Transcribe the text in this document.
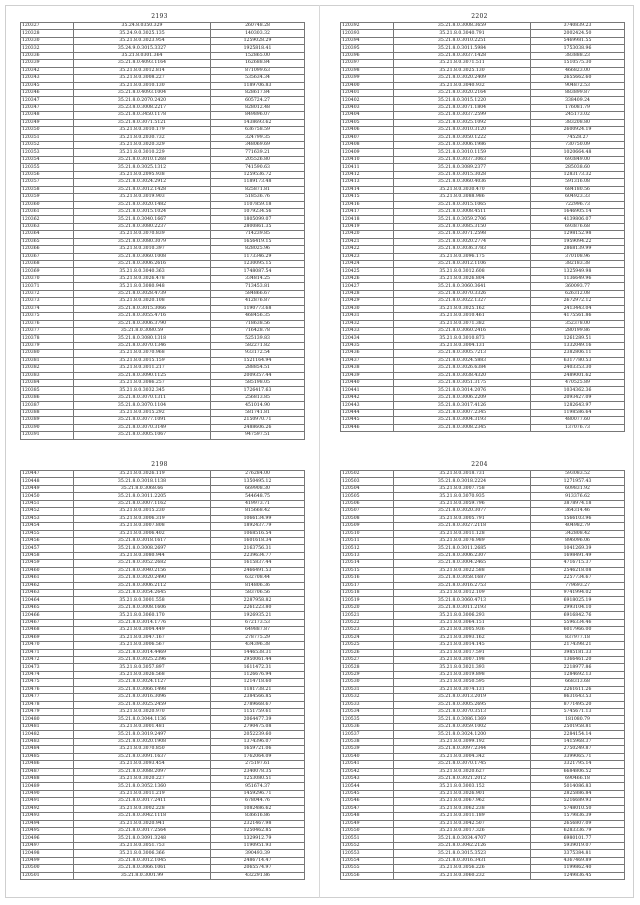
2193
120327	35.24.8.0350.329	260748.28
120328	35.24.9.0.3025.135	140303.32
120330	35.21.8.0.3023.954	1259028.29
120332	35.24.9.0.3015.3327	1925818.41
120336	35.21.8.0301.364	152865.00
120339	35.21.8.0.4093.1164	162688.84
120342	35.21.8.0.3012.814	871099.63
120343	35.21.8.0.3008.227	535634.34
120345	35.21.8.0.3010.130	1189706.83
120346	35.21.8.0.4093.1004	828617.84
120347	35.21.8.0.2070.2420	605724.27
120347	35.23.8.0.3008.2217	828012.48
120348	35.21.8.0.3450.1178	849896.07
120349	35.21.8.0.3071.5121	1438693.62
120350	35.21.8.0.3010.179	636758.59
120351	35.21.8.0.2030.732	324799.35
120352	35.21.8.0.3020.329	348069.69
120353	35.21.8.0.3010.229	771639.21
120354	35.21.8.0.3010.1268	205526.80
120355	35.21.8.0.3025.1312	741590.63
120356	35.21.8.0.2095.938	1259536.72
120357	35.21.8.0.3024.2912	1189173.48
120358	35.21.8.0.3012.1428	825871.81
120359	35.21.8.0.3019.903	518536.76
120360	35.21.8.0.3020.1482	1107859.18
120361	35.21.8.0.3015.1024	1079234.56
120362	35.21.8.0.3040.1667	1805099.07
120363	35.21.8.0.3080.2237	2800861.35
120364	35.21.8.0.3070.839	714239.85
120365	35.21.8.0.3080.3079	1656419.15
120366	35.21.8.0.3010.397	828025.96
120367	35.21.8.0.3060.1008	1173346.29
120368	35.21.8.0.3006.2616	1230095.15
120369	35.21.8.0.3040.363	1748087.54
120370	35.21.8.0.3026.478	334814.25
120371	35.21.8.0.3080.948	713453.81
120372	35.21.8.0.3028.4739	584866.67
120373	35.21.8.0.3020.108	412876.87
120374	35.21.8.0.3015.3066	1190773.68
120375	35.21.8.0.3055.4716	468456.35
120376	35.21.8.0.3006.3790	718638.56
120377	35.21.8.0.3080.59	716428.78
120378	35.21.8.0.3080.1318	525139.83
120379	35.21.8.0.3070.1346	582271.82
120380	35.21.8.0.3070.968	933172.54
120381	35.21.8.0.3015.159	1521164.94
120382	35.21.8.0.3011.217	288854.51
120383	35.21.8.0.3090.1125	2009357.44
120384	35.21.8.0.3086.257	585198.05
120385	35.21.8.0.3032.345	1726417.63
120386	35.21.8.0.3070.1311	256813.85
120387	35.21.8.0.3070.1104	451014.90
120388	35.21.8.0.3015.292	581741.81
120389	35.21.8.0.3077.1091	2150970.71
120390	35.21.8.0.3070.3149	2488606.26
120391	35.21.8.0.3005.1067	947597.51
2202
120392	35.21.8.0.3008.3659	3740839.23
120393	35.21.8.0.3040.791	2002424.50
120394	35.21.8.0.3010.2251	5469981.55
120395	35.21.8.0.3011.5984	1753038.96
120396	35.21.8.0.3037.1428	383888.23
120397	35.21.8.0.3071.511	1510575.30
120398	35.21.8.0.3025.130	466823.00
120399	35.21.8.0.3020.2409	2655662.60
120400	35.21.8.0.3040.932	904872.53
120401	35.21.8.0.3020.2164	883899.87
120402	35.21.8.0.3015.1220	338409.24
120403	35.21.8.0.3071.1804	176081.79
120404	35.21.8.0.3037.2599	245173.02
120405	35.21.8.0.3025.1092	383208.80
120406	35.21.8.0.3010.3120	2600924.19
120407	35.21.8.0.3050.1222	74528.27
120408	35.21.8.0.3006.1986	730750.09
120409	35.21.8.0.3010.1159	1020664.48
120410	35.21.8.0.3037.3063	693849.00
120411	35.21.8.0.3089.2377	285038.60
120412	35.21.8.0.3015.3028	1283173.32
120413	35.21.8.0.3060.4036	591316.08
120414	35.21.8.0.3030.470	684180.56
120415	35.21.8.0.3088.986	604923.33
120416	35.21.8.0.3015.1065	722996.73
120417	35.21.8.0.3008.4511	1646905.14
120418	35.21.8.0.3059.2706	4139806.07
120419	35.21.8.0.3085.3150	693876.68
120420	35.21.8.0.3071.2598	1298152.98
120421	35.21.8.0.3020.2774	1959094.22
120422	35.21.8.0.3036.3783	2868139.99
120423	35.21.8.0.3096.175	370108.96
120424	35.21.8.0.3012.1106	382183.38
120425	35.21.8.0.3012.608	1325949.98
120426	35.21.8.0.3026.804	1136649.96
120427	35.21.8.0.3060.3641	360093.77
120428	35.21.8.0.3070.3326	626312.08
120429	35.21.8.0.3022.1327	2672972.12
120430	35.21.8.0.3025.162	2413443.04
120431	35.21.8.0.3010.461	4175561.86
120432	35.21.8.0.3071.382	352378.00
120433	35.21.8.0.3060.2416	280199.86
120434	35.21.8.0.3010.873	1261289.51
120435	35.21.8.0.3004.131	1332049.16
120436	35.21.8.0.3005.7213	2382806.11
120437	35.21.8.0.3024.5883	6317780.53
120438	35.21.8.0.3026.6384	2403353.30
120439	35.21.8.0.3038.4320	2489001.62
120440	35.21.8.0.3051.3175	470525.89
120441	35.21.8.0.3014.2076	1034362.36
120442	35.21.8.0.3006.2209	2093427.09
120443	35.21.8.0.3017.4126	1282643.97
120444	35.21.8.0.3007.2345	1198586.64
120445	35.21.8.0.3004.3193	480077.60
120446	35.21.8.0.3008.2345	137076.73
2198
120447	35.21.8.0.3026.119	276284.00
120448	35.21.8.0.3018.1138	1350495.12
120449	35.21.8.0.3068.66	669908.30
120450	35.21.8.0.3011.2205	544648.75
120451	35.21.8.0.3007.1162	419973.71
120452	35.21.8.0.3015.230	815668.42
120453	35.21.8.0.3006.319	1066134.99
120454	35.21.8.0.3007.808	1892437.79
120455	35.21.8.0.3006.402	1068516.54
120456	35.21.8.0.3018.1617	1601618.34
120457	35.21.8.0.3008.2697	2163756.31
120458	35.21.8.0.3080.944	2239634.77
120459	35.21.8.0.3052.2682	1615837.44
120460	35.21.8.0.3040.2156	2466491.53
120461	35.21.8.0.3020.2490	632708.44
120462	35.21.8.0.3006.2112	814806.36
120463	35.21.8.0.3054.2645	583706.56
120464	35.21.8.0.3001.558	2287958.82
120465	35.21.8.0.3008.1606	2261223.80
120466	35.21.8.0.3060.170	1926935.21
120467	35.21.8.0.3014.1776	672173.53
120468	35.21.8.0.3004.449	649887.87
120469	35.21.8.0.3047.167	278775.29
120470	35.21.8.0.3006.567	434396.38
120471	35.21.8.0.3014.4469	1446538.31
120472	35.21.8.0.3025.2396	2950061.44
120473	35.21.8.0.3057.897	1611472.31
120474	35.21.8.0.3026.568	1126676.94
120475	35.21.8.0.3024.1127	1214718.60
120476	35.21.8.0.3066.1498	1181738.21
120477	35.21.8.0.3016.3096	2384566.85
120478	35.21.8.0.3025.2459	2789668.67
120479	35.21.8.0.3020.970	1151759.61
120480	35.21.8.0.3044.1136	2064477.39
120481	35.21.8.0.3001.481	2790475.08
120482	35.21.8.0.3019.2497	2052239.60
120483	35.21.8.0.3020.1908	1374396.07
120484	35.21.8.0.3070.850	1659721.06
120485	35.21.8.0.3091.1637	1762064.09
120486	35.21.8.0.3093.454	275197.61
120487	35.21.8.0.3088.2097	2340078.35
120488	35.21.8.0.3020.227	1253080.51
120489	35.21.8.0.3052.1360	951674.37
120490	35.21.8.0.3011.219	1459296.71
120491	35.21.8.0.3017.2411	678044.76
120492	35.21.8.0.3002.228	1082486.62
120493	35.21.8.0.3042.1118	836616.86
120494	35.21.8.0.3020.941	2321467.98
120495	35.21.8.0.3017.2564	1250462.85
120496	35.21.8.0.3091.3248	1329912.79
120497	35.21.8.0.3051.753	1190951.93
120498	35.21.8.0.3006.366	390493.39
120499	35.21.8.0.3012.1045	2486714.47
120500	35.21.8.0.3066.1061	2065574.97
120501	35.21.8.0.3001.99	432291.86
2204
120502	35.21.8.0.3018.731	593083.52
120503	35.21.8.0.3018.2224	1271957.43
120504	35.21.8.0.3007.758	609831.92
120505	35.21.8.0.3070.935	913376.62
120506	35.21.8.0.3059.796	3878974.18
120507	35.21.8.0.3020.3077	364314.46
120508	35.21.8.0.3005.791	1566103.96
120509	35.21.8.0.3027.2118	404982.79
120510	35.21.8.0.3011.128	342808.42
120511	35.21.8.0.3076.989	896096.06
120512	35.21.8.0.3011.2685	1041269.39
120513	35.21.8.0.3006.2307	1698491.49
120514	35.21.8.0.3004.2465	4716715.37
120515	35.21.8.0.3022.588	2546218.08
120516	35.21.8.0.3058.1687	2257734.67
120517	35.21.8.0.3016.2753	779693.27
120518	35.21.8.0.3012.109	9741994.02
120519	35.21.8.0.3060.4713	6918025.19
120520	35.21.8.0.3011.2193	2993104.10
120521	35.21.8.0.3006.293	6916842.76
120522	35.21.8.0.3064.151	5596334.46
120523	35.21.8.0.3005.936	6017966.00
120524	35.21.8.0.3093.162	837977.18
120525	35.21.8.0.3014.145	2174398.21
120526	35.21.8.0.3017.591	3985181.33
120527	35.21.8.0.3007.198	1366461.20
120528	35.21.8.0.3021.393	2218977.86
120529	35.21.8.0.3019.898	1284692.13
120530	35.21.8.0.3050.595	668313.68
120531	35.21.8.0.3074.131	2261611.26
120532	35.21.8.0.3013.2019	8631643.53
120533	35.21.8.0.3005.2695	8771495.20
120534	35.21.8.0.3070.3513	5745671.13
120535	35.21.8.0.3086.1369	181080.79
120536	35.21.8.0.3059.1002	2501958.81
120537	35.21.8.0.3024.1200	2284154.14
120538	35.21.8.0.3099.192	1415968.37
120539	35.21.8.0.3097.2344	2750249.87
120540	35.21.8.0.3004.342	3399065.71
120541	35.21.8.0.3070.1745	3321795.14
120542	35.21.8.0.3020.627	6684806.52
120543	35.21.8.0.3021.2012	690466.18
120544	35.21.8.0.3003.152	5014086.83
120545	35.21.8.0.3026.901	2825886.84
120546	35.21.8.0.3067.962	5216689.93
120547	35.21.8.0.3062.238	5748010.50
120548	35.21.8.0.3011.189	1579836.39
120549	35.21.8.0.3042.507	2656807.09
120550	35.21.8.0.3017.326	6283336.79
120551	35.21.8.0.3034.4707	6980101.77
120552	35.21.8.0.3042.2126	5939019.07
120553	35.21.8.0.3015.3523	3375384.81
120554	35.21.8.0.3016.3431	4367469.89
120555	35.21.8.0.3056.226	1199862.40
120556	35.21.8.0.3060.232	1249836.45
